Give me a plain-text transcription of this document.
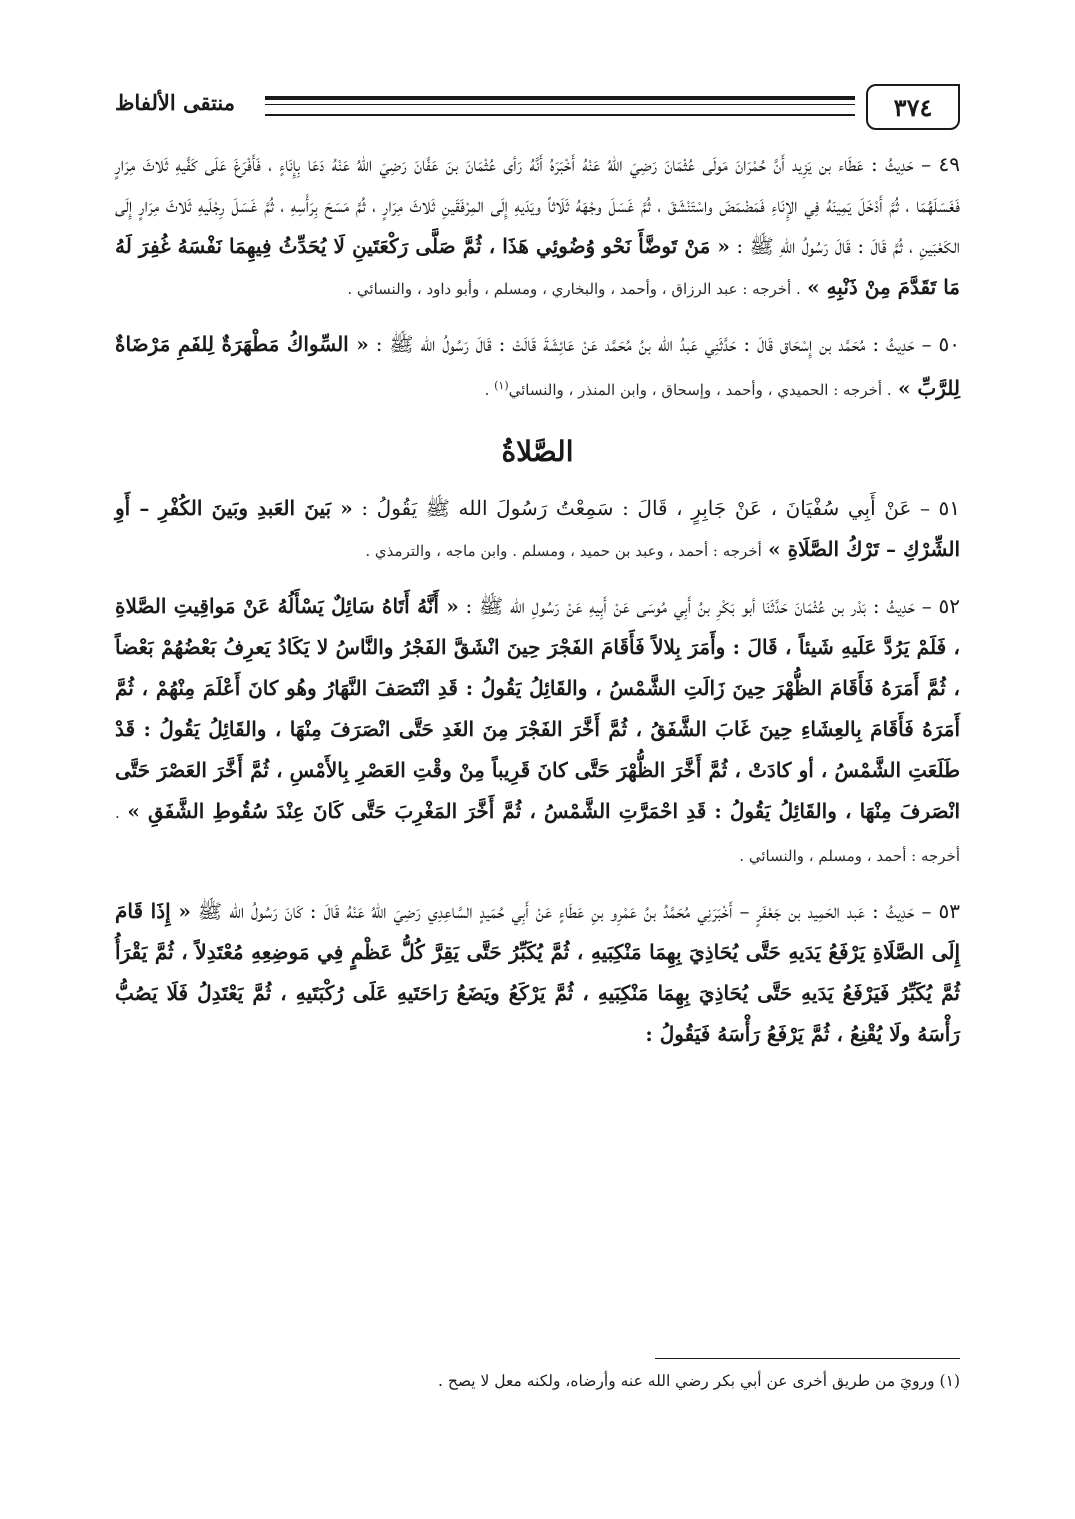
٣٧٤
منتقى الألفاظ

٤٩ – حَدِيثُ : عَطَاء بن يَزِيد أَنَّ حُمْرَانَ مَولَى عُثْمَانَ رَضِيَ اللهُ عَنْهُ أَخْبَرَهُ أَنَّهُ رَأى عُثْمَانَ بنَ عَفَّانَ رَضِيَ اللهُ عَنْهُ دَعَا بِإِنَاءٍ ، فَأَفْرَغَ عَلَى كَفَّيهِ ثَلاثَ مِرَارٍ فَغَسَلَهُمَا ، ثُمَّ أَدْخَلَ يَمِينَهُ فِي الإِنَاءِ فَمَضْمَضَ واسْتَنْشَقَ ، ثُمَّ غَسَلَ وجْهَهُ ثَلَاثاً ويَدَيهِ إِلَى المِرْفَقَينِ ثَلاثَ مِرَارٍ ، ثُمَّ مَسَحَ بِرَأْسِهِ ، ثُمَّ غَسَلَ رِجْلَيهِ ثَلاثَ مِرَارٍ إِلَى الكَعْبَينِ ، ثُمَّ قَالَ : قَالَ رَسُولُ اللهِ ﷺ : « مَنْ تَوضَّأَ نَحْو وُضُوئِي هَذَا ، ثُمَّ صَلَّى رَكْعَتَينِ لَا يُحَدِّثُ فِيهِمَا نَفْسَهُ غُفِرَ لَهُ مَا تَقَدَّمَ مِنْ ذَنْبِهِ » . أخرجه : عبد الرزاق ، وأحمد ، والبخاري ، ومسلم ، وأبو داود ، والنسائي .

٥٠ – حَدِيثُ : مُحَمَّد بن إِسْحَاق قَالَ : حَدَّثَنِي عَبدُ الله بنُ مُحَمَّد عَنْ عَائِشَةَ قَالَتْ : قَالَ رَسُولُ الله ﷺ : « السِّواكُ مَطْهَرَةٌ لِلفَمِ مَرْضَاةٌ لِلرَّبِّ » . أخرجه : الحميدي ، وأحمد ، وإسحاق ، وابن المنذر ، والنسائي$^{(١)}$ .

الصَّلاةُ

٥١ – عَنْ أَبِي سُفْيَانَ ، عَنْ جَابِرٍ ، قَالَ : سَمِعْتُ رَسُولَ الله ﷺ يَقُولُ : « بَينَ العَبدِ وبَينَ الكُفْرِ – أَوِ الشِّرْكِ – تَرْكُ الصَّلَاةِ » أخرجه : أحمد ، وعبد بن حميد ، ومسلم . وابن ماجه ، والترمذي .

٥٢ – حَدِيثُ : بَدْر بن عُثْمَانَ حَدَّثَنَا أبو بَكْرِ بنُ أَبِي مُوسَى عَنْ أَبِيهِ عَنْ رَسُولِ الله ﷺ : « أَنَّهُ أَتَاهُ سَائِلٌ يَسْأَلُهُ عَنْ مَواقِيتِ الصَّلاةِ ، فَلَمْ يَرُدَّ عَلَيهِ شَيئاً ، قَالَ : وأَمَرَ بِلالاً فَأَقَامَ الفَجْرَ حِينَ انْشَقَّ الفَجْرُ والنَّاسُ لا يَكَادُ يَعرِفُ بَعْضُهُمْ بَعْضاً ، ثُمَّ أَمَرَهُ فَأَقَامَ الظُّهْرَ حِينَ زَالَتِ الشَّمْسُ ، والقَائِلُ يَقُولُ : قَدِ انْتَصَفَ النَّهَارُ وهُو كانَ أَعْلَمَ مِنْهُمْ ، ثُمَّ أَمَرَهُ فَأَقَامَ بِالعِشَاءِ حِينَ غَابَ الشَّفَقُ ، ثُمَّ أَخَّرَ الفَجْرَ مِنَ الغَدِ حَتَّى انْصَرَفَ مِنْهَا ، والقَائِلُ يَقُولُ : قَدْ طَلَعَتِ الشَّمْسُ ، أو كادَتْ ، ثُمَّ أَخَّرَ الظُّهْرَ حَتَّى كانَ قَرِيباً مِنْ وقْتِ العَصْرِ بِالأَمْسِ ، ثُمَّ أَخَّرَ العَصْرَ حَتَّى انْصَرفَ مِنْهَا ، والقَائِلُ يَقُولُ : قَدِ احْمَرَّتِ الشَّمْسُ ، ثُمَّ أَخَّرَ المَغْرِبَ حَتَّى كَانَ عِنْدَ سُقُوطِ الشَّفَقِ » . أخرجه : أحمد ، ومسلم ، والنسائي .

٥٣ – حَدِيثُ : عَبد الحَمِيد بن جَعْفَرٍ – أَخْبَرَنِي مُحَمَّدُ بنُ عَمْرِو بنِ عَطَاءٍ عَنْ أَبِي حُمَيدٍ السَّاعِدِي رَضِيَ اللهُ عَنْهُ قَالَ : كَانَ رَسُولُ الله ﷺ « إِذَا قَامَ إِلَى الصَّلَاةِ يَرْفَعُ يَدَيهِ حَتَّى يُحَاذِيَ بِهِمَا مَنْكِبَيهِ ، ثُمَّ يُكَبِّرُ حَتَّى يَقِرَّ كُلُّ عَظْمٍ فِي مَوضِعِهِ مُعْتَدِلاً ، ثُمَّ يَقْرَأُ ثُمَّ يُكَبِّرُ فَيَرْفَعُ يَدَيهِ حَتَّى يُحَاذِيَ بِهِمَا مَنْكِبَيهِ ، ثُمَّ يَرْكَعُ ويَضَعُ رَاحَتَيهِ عَلَى رُكْبَتَيهِ ، ثُمَّ يَعْتَدِلُ فَلَا يَصُبُّ رَأْسَهُ ولَا يُقْنِعُ ، ثُمَّ يَرْفَعُ رَأْسَهُ فَيَقُولُ :

(١) ورويَ من طريق أخرى عن أبي بكر رضي الله عنه وأرضاه، ولكنه معل لا يصح .
